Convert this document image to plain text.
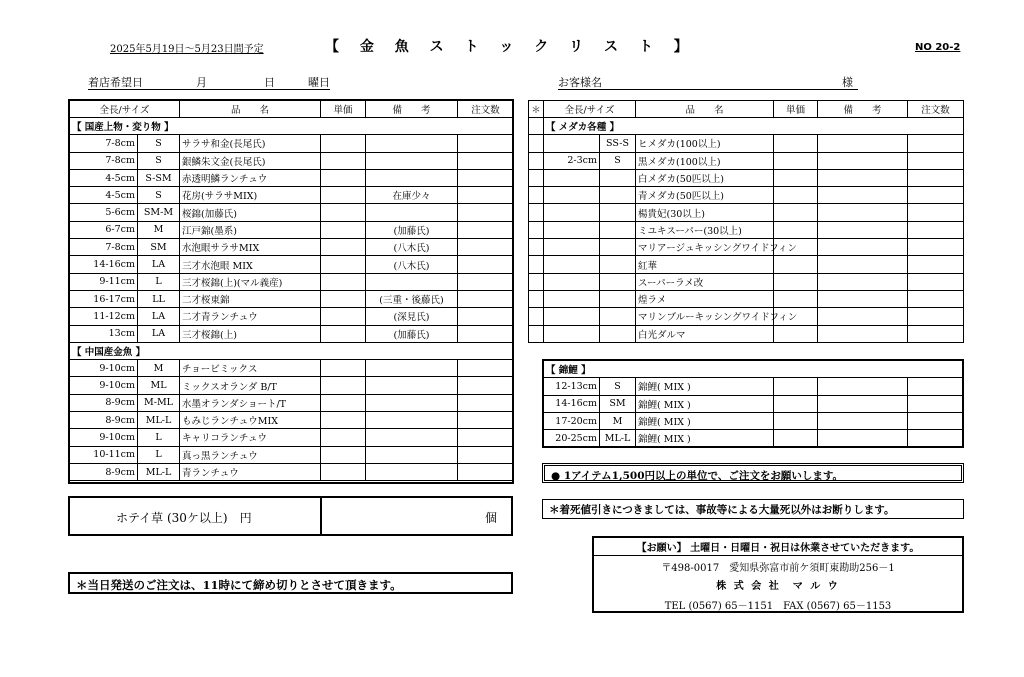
2025年5月19日～5月23日間予定	【 金 魚 ス ト ッ ク リ ス ト 】	NO 20-2
着店希望日	月	日	曜日	お客様名	様
全長/サイズ		品　　名	単価	備　　考	注文数
【 国産上物・変り物 】					
7-8cm	S	サラサ和金(長尾氏)			
7-8cm	S	銀鱗朱文金(長尾氏)			
4-5cm	S-SM	赤透明鱗ランチュウ			
4-5cm	S	花房(サラサMIX)		在庫少々	
5-6cm	SM-M	桜錦(加藤氏)			
6-7cm	M	江戸錦(墨系)		(加藤氏)	
7-8cm	SM	水泡眼サラサMIX		(八木氏)	
14-16cm	LA	三才水泡眼 MIX		(八木氏)	
9-11cm	L	三才桜錦(上)(マル義産)			
16-17cm	LL	二才桜東錦		(三重・後藤氏)	
11-12cm	LA	二才青ランチュウ		(深見氏)	
13cm	LA	三才桜錦(上)		(加藤氏)	
【 中国産金魚 】					
9-10cm	M	チョービミックス			
9-10cm	ML	ミックスオランダ B/T			
8-9cm	M-ML	水墨オランダショート/T			
8-9cm	ML-L	もみじランチュウMIX			
9-10cm	L	キャリコランチュウ			
10-11cm	L	真っ黒ランチュウ			
8-9cm	ML-L	青ランチュウ			
＊	全長/サイズ		品　　名	単価	備　　考	注文数
	【 メダカ各種 】					
		SS-S	ヒメダカ(100以上)			
	2-3cm	S	黒メダカ(100以上)			
			白メダカ(50匹以上)			
			青メダカ(50匹以上)			
			楊貴妃(30以上)			
			ミユキスーパー(30以上)			
			マリアージュキッシングワイドフィン			
			紅華			
			スーパーラメ改			
			煌ラメ			
			マリンブルーキッシングワイドフィン			
			白光ダルマ			
【 錦鯉 】					
12-13cm	S	錦鯉( MIX )			
14-16cm	SM	錦鯉( MIX )			
17-20cm	M	錦鯉( MIX )			
20-25cm	ML-L	錦鯉( MIX )			
● 1アイテム1,500円以上の単位で、ご注文をお願いします。
＊着死値引きにつきましては、事故等による大量死以外はお断りします。
ホテイ草 (30ケ以上)　円	個
＊当日発送のご注文は、11時にて締め切りとさせて頂きます。
【お願い】 土曜日・日曜日・祝日は休業させていただきます。
〒498-0017　愛知県弥富市前ケ須町東勘助256－1
株 式 会 社　マ ル ウ
TEL (0567) 65－1151　FAX (0567) 65－1153
